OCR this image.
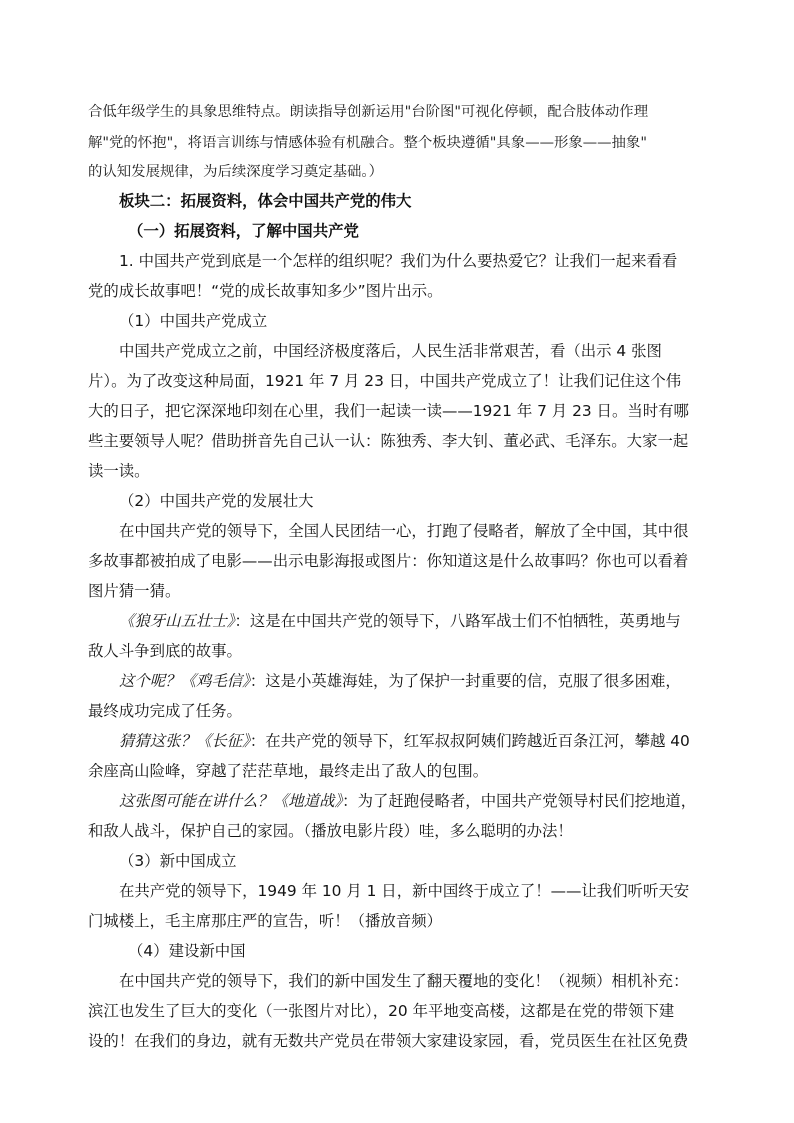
合低年级学生的具象思维特点。朗读指导创新运用"台阶图"可视化停顿，配合肢体动作理
解"党的怀抱"，将语言训练与情感体验有机融合。整个板块遵循"具象——形象——抽象"
的认知发展规律，为后续深度学习奠定基础。）
板块二：拓展资料，体会中国共产党的伟大
（一）拓展资料，了解中国共产党
1. 中国共产党到底是一个怎样的组织呢？我们为什么要热爱它？让我们一起来看看
党的成长故事吧！“党的成长故事知多少”图片出示。
（1）中国共产党成立
中国共产党成立之前，中国经济极度落后，人民生活非常艰苦，看（出示 4 张图
片）。为了改变这种局面，1921 年 7 月 23 日，中国共产党成立了！让我们记住这个伟
大的日子，把它深深地印刻在心里，我们一起读一读——1921 年 7 月 23 日。当时有哪
些主要领导人呢？借助拼音先自己认一认：陈独秀、李大钊、董必武、毛泽东。大家一起
读一读。
（2）中国共产党的发展壮大
在中国共产党的领导下，全国人民团结一心，打跑了侵略者，解放了全中国，其中很
多故事都被拍成了电影——出示电影海报或图片：你知道这是什么故事吗？你也可以看着
图片猜一猜。
《狼牙山五壮士》：这是在中国共产党的领导下，八路军战士们不怕牺牲，英勇地与
敌人斗争到底的故事。
这个呢？《鸡毛信》：这是小英雄海娃，为了保护一封重要的信，克服了很多困难，
最终成功完成了任务。
猜猜这张？《长征》：在共产党的领导下，红军叔叔阿姨们跨越近百条江河，攀越 40
余座高山险峰，穿越了茫茫草地，最终走出了敌人的包围。
这张图可能在讲什么？《地道战》：为了赶跑侵略者，中国共产党领导村民们挖地道，
和敌人战斗，保护自己的家园。（播放电影片段）哇，多么聪明的办法！
（3）新中国成立
在共产党的领导下，1949 年 10 月 1 日，新中国终于成立了！——让我们听听天安
门城楼上，毛主席那庄严的宣告，听！（播放音频）
（4）建设新中国
在中国共产党的领导下，我们的新中国发生了翻天覆地的变化！（视频）相机补充：
滨江也发生了巨大的变化（一张图片对比），20 年平地变高楼，这都是在党的带领下建
设的！在我们的身边，就有无数共产党员在带领大家建设家园，看，党员医生在社区免费
